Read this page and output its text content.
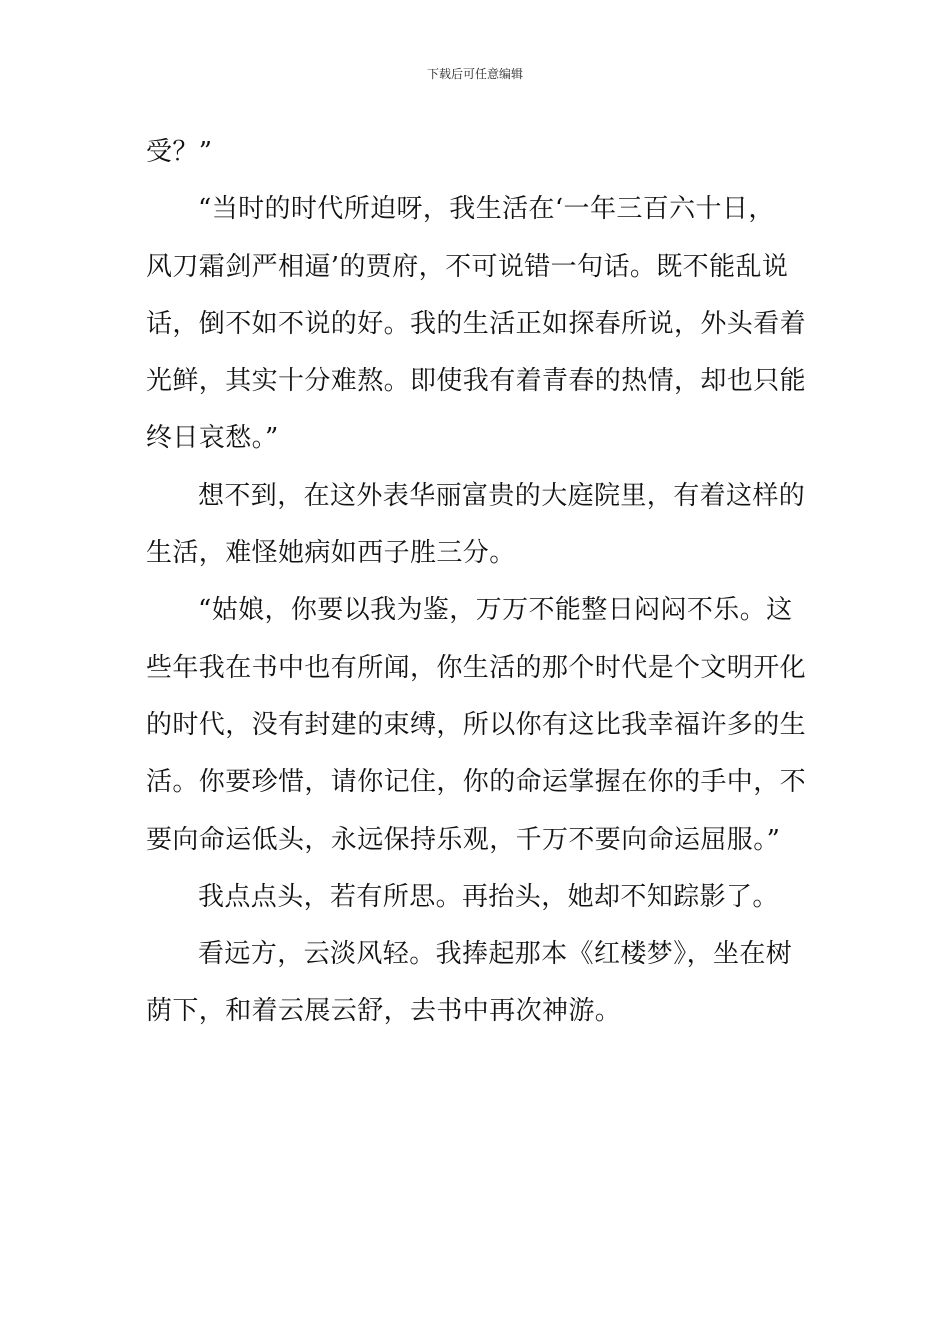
下载后可任意编辑
受？”
“当时的时代所迫呀，我生活在‘一年三百六十日，
风刀霜剑严相逼’的贾府，不可说错一句话。既不能乱说
话，倒不如不说的好。我的生活正如探春所说，外头看着
光鲜，其实十分难熬。即使我有着青春的热情，却也只能
终日哀愁。”
想不到，在这外表华丽富贵的大庭院里，有着这样的
生活，难怪她病如西子胜三分。
“姑娘，你要以我为鉴，万万不能整日闷闷不乐。这
些年我在书中也有所闻，你生活的那个时代是个文明开化
的时代，没有封建的束缚，所以你有这比我幸福许多的生
活。你要珍惜，请你记住，你的命运掌握在你的手中，不
要向命运低头，永远保持乐观，千万不要向命运屈服。”
我点点头，若有所思。再抬头，她却不知踪影了。
看远方，云淡风轻。我捧起那本《红楼梦》，坐在树
荫下，和着云展云舒，去书中再次神游。
